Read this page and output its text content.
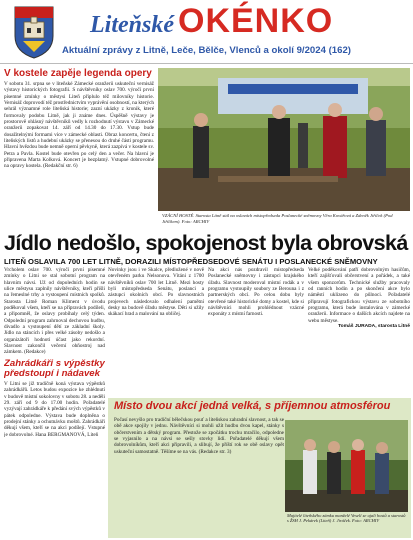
Liteňské OKÉNKO
Aktuální zprávy z Litně, Leče, Bělče, Vlenců a okolí 9/2024 (162)
V kostele zapěje legenda opery
V sobotu 31. srpna se v liteňské Zámecké oranžerii uskuteční vernisáž výstavy historických fotografií. S návštěvníky oslav 700. výročí první písemné zmínky o městysi Liteň připlulo též milovníky historie. Vernisáž doprovodí též prostřednictvím vyprávění osobností, na kterých sehrál významné role liteňská historie; zazní ukázky z kronik, které formovaly podobu Litně, jak ji známe dnes. Úspěšně výstavy je prostorově ohlásný návštěvníků vedly k rozhodnutí výstavu v Zámecké oranžerii zopakovat 14. září od 14.30 do 17.30. Vstup bude dosažitelnými formami více v zámecké oblasti. Obraz koncertu, čtení z liteňských listů a hudební ukázky se přenesou do druhé části programu. Hlavní hvězdou bude nemně operní pěvkyně, která zazpívá v kostele sv. Petra a Pavla. Kostel bude otevřen po celý den a večer. Na hlavní je připravena Marta Kolková. Koncert je bezplatný. Vstupné dobrovolné na opravy kostela. (Redakční str. 6)
VZÁCNÍ HOSTÉ. Starosta Litně stál na oslavách místopředseda Poslanecké sněmovny Věra Kovářová a Zdeněk Jiříček (Pod Jiříčkem). Foto: ARCHIV
Jídlo nedošlo, spokojenost byla obrovská
LITEŇ OSLAVILA 700 LET LITNĚ, DORAZILI MÍSTOPŘEDSEDOVÉ SENÁTU I POSLANECKÉ SNĚMOVNY
Vrcholem oslav 700. výročí první písemné zmínky o Litni se stal sobotní program na hlavním návsí. Už od dopoledních hodin se ulice městysu zaplnily návštěvníky, kteří přišli na řemeslné trhy a vystoupení místních spolků. Starosta Litně Roman Kliment v úvodu poděkoval všem, kteří se na přípravách podíleli, a připomněl, že oslavy probíhaly celý týden. Odpolední program zahrnoval dechovou hudbu, divadlo a vystoupení dětí ze základní školy. Jídlo na stáncích i přes velké zásoby nedošlo a organizátoři hodnotí účast jako rekordní. Slavnost zakončil večerní ohňostroj nad zámkem. (Redakce)
Zahrádkáři s výpěstky předstoupí i nádavek
V Litni se již tradičně koná výstava výpěstků zahrádkářů. Letos budou expozice ke zhlédnutí v budově místní sokolovny v sobotu 28. a neděli 29. září od 9 do 17.00 hodin. Pořadatelé vyzývají zahrádkáře k předání svých výpěstků v pátek odpoledne. Výstava bude doplněna o prodejní stánky a ochutnávku moštů. Zahrádkáři děkují všem, kteří se na akci podílejí. Vstupné je dobrovolné. Hana BERGMANOVÁ, Liteň
Novinky jsou i ve Skalce, předložené v nově otevřeném parku Nelsonova. Vítáni z 1700 návštěvníků oslav 700 let Litně. Mezi hosty byli místopředseda Senátu, poslanci a zástupci okolních obcí. Po slavnostních projevech následovalo odhalení pamětní desky na budově úřadu městyse. Děti si užily skákací hrad a malování na obličej.
Na akci nás pozdravil místopředseda Poslanecké sněmovny i zástupci krajského úřadu. Slavnost moderoval místní rodák a v programu vystoupily soubory ze Berouna i z partnerských obcí. Po celou dobu byly otevřené také historické domy a kostel, kde si návštěvníci mohli prohlédnout vzácné exponáty z místní farnosti.
Velké poděkování patří dobrovolným hasičům, kteří zajišťovali občerstvení a pořádek, a také všem sponzorům. Technické služby pracovaly od ranních hodin a po skončení akce bylo náměstí uklizeno do půlnoci. Pořadatelé připravují fotografickou výstavu ze sobotního programu, která bude instalována v zámecké oranžerii. Informace o dalších akcích najdete na webu městyse.
Tomáš JURADA, starosta Litně
Místo dvou akcí jedná velká, s příjemnou atmosférou
Počasí nevyšlo pro tradiční bělečskou pouť a liteňskou zahradní slavnost, a tak se obě akce spojily v jednu. Návštěvníci si mohli užít hudbu dvou kapel, stánky s občerstvením a dětský program. Přestože se zpočátku trochu mračilo, odpoledne se vyjasnilo a na návsi se sešly stovky lidí. Pořadatelé děkují všem dobrovolníkům, kteří akci připravili, a slibují, že příští rok se obě oslavy opět uskuteční samostatně. Těšíme se na vás. (Redakce str. 3)
Majitelé liteňského zámku manželé Veselí se ujali hostů a starostů s ŽSH J. Pekárek (Liteň) J. Jiráček. Foto: ARCHIV
